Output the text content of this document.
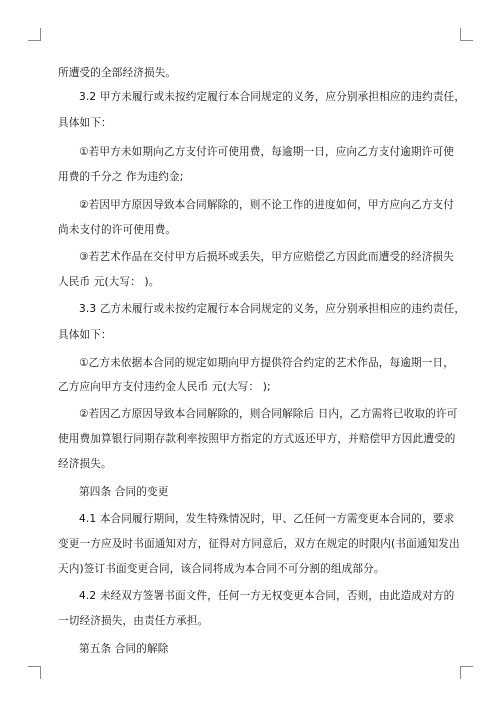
所遭受的全部经济损失。
3.2 甲方未履行或未按约定履行本合同规定的义务，应分别承担相应的违约责任，
具体如下：
①若甲方未如期向乙方支付许可使用费，每逾期一日，应向乙方支付逾期许可使
用费的千分之 作为违约金;
②若因甲方原因导致本合同解除的，则不论工作的进度如何，甲方应向乙方支付
尚未支付的许可使用费。
③若艺术作品在交付甲方后损坏或丢失，甲方应赔偿乙方因此而遭受的经济损失
人民币 元(大写： )。
3.3 乙方未履行或未按约定履行本合同规定的义务，应分别承担相应的违约责任，
具体如下：
①乙方未依据本合同的规定如期向甲方提供符合约定的艺术作品，每逾期一日，
乙方应向甲方支付违约金人民币 元(大写： );
②若因乙方原因导致本合同解除的，则合同解除后 日内，乙方需将已收取的许可
使用费加算银行同期存款利率按照甲方指定的方式返还甲方，并赔偿甲方因此遭受的
经济损失。
第四条 合同的变更
4.1 本合同履行期间，发生特殊情况时，甲、乙任何一方需变更本合同的，要求
变更一方应及时书面通知对方，征得对方同意后，双方在规定的时限内(书面通知发出
天内)签订书面变更合同，该合同将成为本合同不可分割的组成部分。
4.2 未经双方签署书面文件，任何一方无权变更本合同，否则，由此造成对方的
一切经济损失，由责任方承担。
第五条 合同的解除
